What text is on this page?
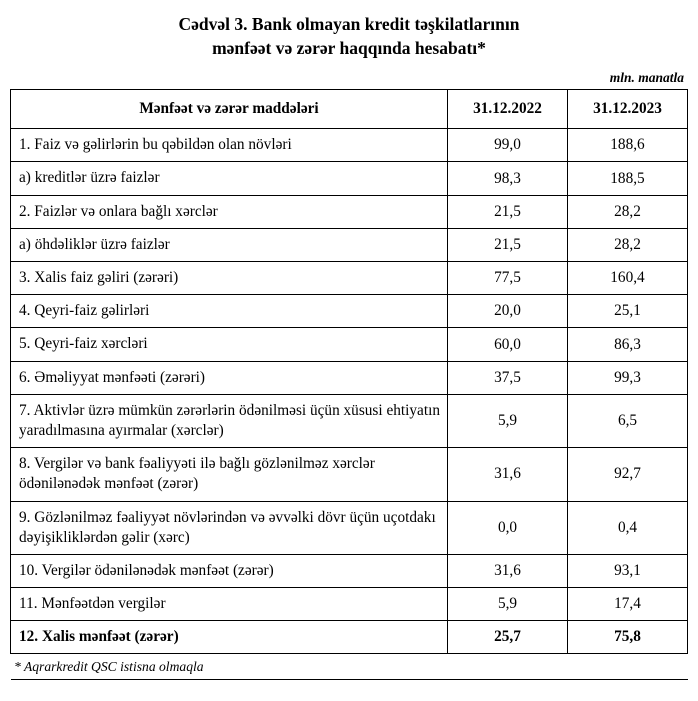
Cədvəl 3. Bank olmayan kredit təşkilatlarının
mənfəət və zərər haqqında hesabatı*
mln. manatla
Mənfəət və zərər maddələri	31.12.2022	31.12.2023
1. Faiz və gəlirlərin bu qəbildən olan növləri	99,0	188,6
a) kreditlər üzrə faizlər	98,3	188,5
2. Faizlər və onlara bağlı xərclər	21,5	28,2
a) öhdəliklər üzrə faizlər	21,5	28,2
3. Xalis faiz gəliri (zərəri)	77,5	160,4
4. Qeyri-faiz gəlirləri	20,0	25,1
5. Qeyri-faiz xərcləri	60,0	86,3
6. Əməliyyat mənfəəti (zərəri)	37,5	99,3
7. Aktivlər üzrə mümkün zərərlərin ödənilməsi üçün xüsusi ehtiyatın yaradılmasına ayırmalar (xərclər)	5,9	6,5
8. Vergilər və bank fəaliyyəti ilə bağlı gözlənilməz xərclər ödənilənədək mənfəət (zərər)	31,6	92,7
9. Gözlənilməz fəaliyyət növlərindən və əvvəlki dövr üçün uçotdakı dəyişikliklərdən gəlir (xərc)	0,0	0,4
10. Vergilər ödənilənədək mənfəət (zərər)	31,6	93,1
11. Mənfəətdən vergilər	5,9	17,4
12. Xalis mənfəət (zərər)	25,7	75,8
* Aqrarkredit QSC istisna olmaqla
